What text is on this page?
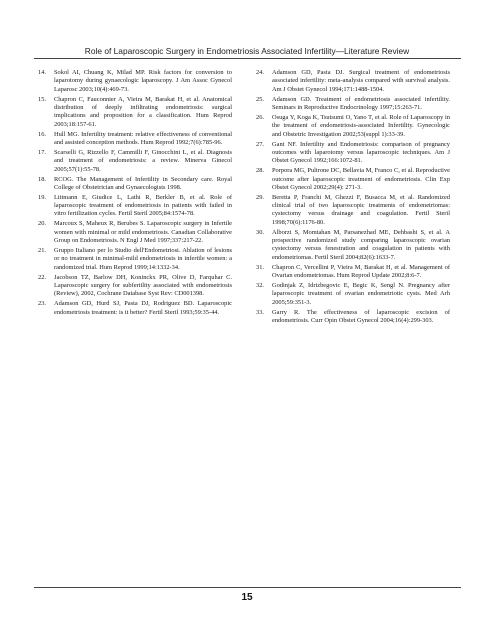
Role of Laparoscopic Surgery in Endometriosis Associated Infertility—Literature Review
14.	Sokol AI, Chuang K, Milad MP. Risk factors for conversion to laparotomy during gynaecologic laparoscopy. J Am Assoc Gynecol Laparosc 2003;10(4):469-73.
15.	Chapron C, Fauconnier A, Vieira M, Barakat H, et al. Anatomical distribution of deeply infiltrating endometriosis: surgical implications and proposition for a classification. Hum Reprod 2003;18:157-61.
16.	Hull MG. Infertility treatment: relative effectiveness of conventional and assisted conception methods. Hum Reprod 1992;7(6):785-96.
17.	Scarselli G, Rizzello F, Cammilli F, Ginocchini L, et al. Diagnosis and treatment of endometriosis: a review. Minerva Ginecol 2005;57(1):55-78.
18.	RCOG. The Management of Infertility in Secondary care. Royal College of Obstetrician and Gynaecologists 1998.
19.	Littmann E, Giudice L, Lathi R, Berkler B, et al. Role of laparoscopic treatment of endometriosis in patients with failed in vitro fertilization cycles. Fertil Steril 2005;84:1574-78.
20.	Marcoux S, Maheux R, Berubes S. Laparoscopic surgery in Infertile women with minimal or mild endometriosis. Canadian Collaborative Group on Endometriosis. N Engl J Med 1997;337:217-22.
21.	Gruppo Italiano per lo Studio dell'Endometriosi. Ablation of lesions or no treatment in minimal-mild endometriosis in infertile women: a randomized trial. Hum Reprod 1999;14:1332-34.
22.	Jacobson TZ, Barlow DH, Koninckx PR, Olive D, Farquhar C. Laparoscopic surgery for subfertility associated with endometriosis (Review), 2002, Cochrane Database Syst Rev: CD001398.
23.	Adamson GD, Hurd SJ, Pasta DJ, Rodriguez BD. Laparoscopic endometriosis treatment: is it better? Fertil Steril 1993;59:35-44.
24.	Adamson GD, Pasta DJ. Surgical treatment of endometriosis associated infertility: meta-analysis compared with survival analysis. Am J Obstet Gynecol 1994;171:1488-1504.
25.	Adamson GD. Treatment of endometriosis associated infertility. Seminars in Reproductive Endocrinology 1997;15:263-71.
26.	Osuga Y, Koga K, Tsutsumi O, Yano T, et al. Role of Laparoscopy in the treatment of endometriosis-associated Infertility. Gynecologic and Obstetric Investigation 2002;53(suppl 1):33-39.
27.	Gant NF. Infertility and Endometriosis: comparison of pregnancy outcomes with laparotomy versus laparoscopic techniques. Am J Obstet Gynecol 1992;166:1072-81.
28.	Porpora MG, Pultrone DC, Bellavia M, Franco C, et al. Reproductive outcome after laparoscopic treatment of endometriosis. Clin Exp Obstet Gynecol 2002;29(4): 271-3.
29.	Beretta P, Franchi M, Ghezzi F, Busacca M, et al. Randomized clinical trial of two laparoscopic treatments of endometriomas: cystectomy versus drainage and coagulation. Fertil Steril 1998;70(6):1176-80.
30.	Alborzi S, Momtahan M, Parsanezhad ME, Dehbashi S, et al. A prospective randomized study comparing laparoscopic ovarian cystectomy versus fenestration and coagulation in patients with endometriomas. Fertil Steril 2004;82(6):1633-7.
31.	Chapron C, Vercellini P, Vieira M, Barakat H, et al. Management of Ovarian endometriomas. Hum Reprod Update 2002;8:6-7.
32.	Godinjak Z, Idrizbegovic E, Begic K, Sengl N. Pregnancy after laparoscopic treatment of ovarian endometriotic cysts. Med Arh 2005;59:351-3.
33.	Garry R. The effectiveness of laparoscopic excision of endometriosis. Curr Opin Obstet Gynecol 2004;16(4):299-303.
15
